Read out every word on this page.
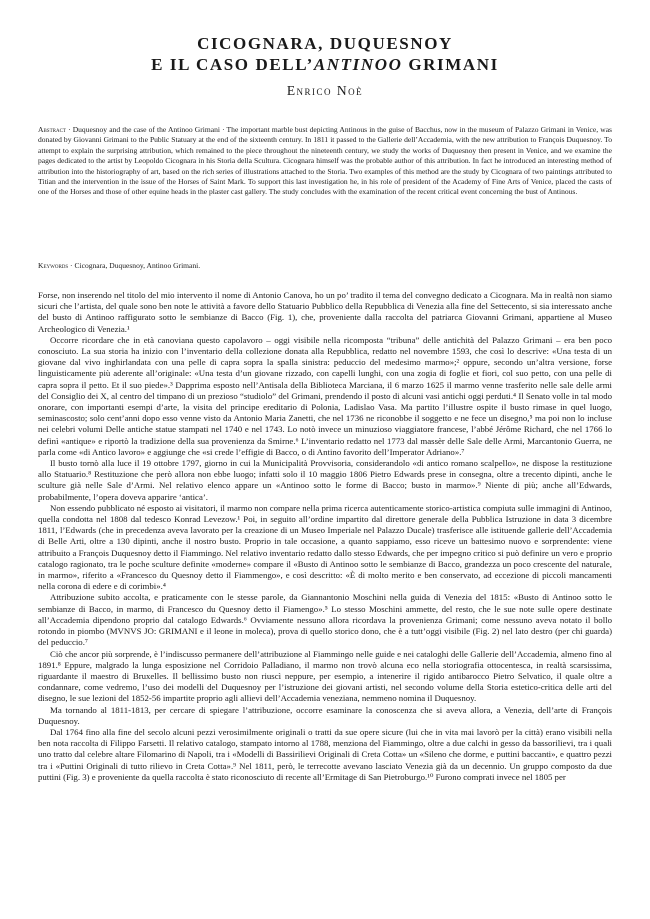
CICOGNARA, DUQUESNOY
E IL CASO DELL’ANTINOO GRIMANI
Enrico Noè

Abstract · Duquesnoy and the case of the Antinoo Grimani · The important marble bust depicting Antinous in the guise of Bacchus, now in the museum of Palazzo Grimani in Venice, was donated by Giovanni Grimani to the Public Statuary at the end of the sixteenth century. In 1811 it passed to the Gallerie dell’Accademia, with the new attribution to François Duquesnoy. To attempt to explain the surprising attribution, which remained to the piece throughout the nineteenth century, we study the works of Duquesnoy then present in Venice, and we examine the pages dedicated to the artist by Leopoldo Cicognara in his Storia della Scultura. Cicognara himself was the probable author of this attribution. In fact he introduced an interesting method of attribution into the historiography of art, based on the rich series of illustrations attached to the Storia. Two examples of this method are the study by Cicognara of two paintings attributed to Titian and the intervention in the issue of the Horses of Saint Mark. To support this last investigation he, in his role of president of the Academy of Fine Arts of Venice, placed the casts of one of the Horses and those of other equine heads in the plaster cast gallery. The study concludes with the examination of the recent critical event concerning the bust of Antinous.

Keywords · Cicognara, Duquesnoy, Antinoo Grimani.

Forse, non inserendo nel titolo del mio intervento il nome di Antonio Canova, ho un po’ tradito il tema del convegno dedicato a Cicognara. Ma in realtà non siamo sicuri che l’artista, del quale sono ben note le attività a favore dello Statuario Pubblico della Repubblica di Venezia alla fine del Settecento, si sia interessato anche del busto di Antinoo raffigurato sotto le sembianze di Bacco (Fig. 1), che, proveniente dalla raccolta del patriarca Giovanni Grimani, appartiene al Museo Archeologico di Venezia.¹

Occorre ricordare che in età canoviana questo capolavoro – oggi visibile nella ricomposta “tribuna” delle antichità del Palazzo Grimani – era ben poco conosciuto. La sua storia ha inizio con l’inventario della collezione donata alla Repubblica, redatto nel novembre 1593, che così lo descrive: «Una testa di un giovane dal vivo inghirlandata con una pelle di capra sopra la spalla sinistra: peduccio del medesimo marmo»;² oppure, secondo un’altra versione, forse linguisticamente più aderente all’originale: «Una testa d’un giovane rizzado, con capelli lunghi, con una zogia di foglie et fiori, col suo petto, con una pelle di capra sopra il petto. Et il suo piede».³ Dapprima esposto nell’Antisala della Biblioteca Marciana, il 6 marzo 1625 il marmo venne trasferito nelle sale delle armi del Consiglio dei X, al centro del timpano di un prezioso “studiolo” del Grimani, prendendo il posto di alcuni vasi antichi oggi perduti.⁴ Il Senato volle in tal modo onorare, con importanti esempi d’arte, la visita del principe ereditario di Polonia, Ladislao Vasa. Ma partito l’illustre ospite il busto rimase in quel luogo, seminascosto; solo cent’anni dopo esso venne visto da Antonio Maria Zanetti, che nel 1736 ne riconobbe il soggetto e ne fece un disegno,⁵ ma poi non lo incluse nei celebri volumi Delle antiche statue stampati nel 1740 e nel 1743. Lo notò invece un minuzioso viaggiatore francese, l’abbé Jérôme Richard, che nel 1766 lo definì «antique» e riportò la tradizione della sua provenienza da Smirne.⁶ L’inventario redatto nel 1773 dal massèr delle Sale delle Armi, Marcantonio Guerra, ne parla come «di Antico lavoro» e aggiunge che «si crede l’effigie di Bacco, o di Antino favorito dell’Imperator Adriano».⁷

Il busto tornò alla luce il 19 ottobre 1797, giorno in cui la Municipalità Provvisoria, considerandolo «di antico romano scalpello», ne dispose la restituzione allo Statuario.⁸ Restituzione che però allora non ebbe luogo; infatti solo il 10 maggio 1806 Pietro Edwards prese in consegna, oltre a trecento dipinti, anche le sculture già nelle Sale d’Armi. Nel relativo elenco appare un «Antinoo sotto le forme di Bacco; busto in marmo».⁹ Niente di più; anche all’Edwards, probabilmente, l’opera doveva apparire ‘antica’.

Non essendo pubblicato né esposto ai visitatori, il marmo non compare nella prima ricerca autenticamente storico-artistica compiuta sulle immagini di Antinoo, quella condotta nel 1808 dal tedesco Konrad Levezow.¹ Poi, in seguito all’ordine impartito dal direttore generale della Pubblica Istruzione in data 3 dicembre 1811, l’Edwards (che in precedenza aveva lavorato per la creazione di un Museo Imperiale nel Palazzo Ducale) trasferisce alle istituende gallerie dell’Accademia di Belle Arti, oltre a 130 dipinti, anche il nostro busto. Proprio in tale occasione, a quanto sappiamo, esso riceve un battesimo nuovo e sorprendente: viene attribuito a François Duquesnoy detto il Fiammingo. Nel relativo inventario redatto dallo stesso Edwards, che per impegno critico si può definire un vero e proprio catalogo ragionato, tra le poche sculture definite «moderne» compare il «Busto di Antinoo sotto le sembianze di Bacco, grandezza un poco crescente del naturale, in marmo», riferito a «Francesco du Quesnoy detto il Fiammengo», e così descritto: «È di molto merito e ben conservato, ad eccezione di piccoli mancamenti nella corona di edere e di corimbi».⁴

Attribuzione subito accolta, e praticamente con le stesse parole, da Giannantonio Moschini nella guida di Venezia del 1815: «Busto di Antinoo sotto le sembianze di Bacco, in marmo, di Francesco du Quesnoy detto il Fiamengo».⁵ Lo stesso Moschini ammette, del resto, che le sue note sulle opere destinate all’Accademia dipendono proprio dal catalogo Edwards.⁶ Ovviamente nessuno allora ricordava la provenienza Grimani; come nessuno aveva notato il bollo rotondo in piombo (MVNVS JO: GRIMANI e il leone in moleca), prova di quello storico dono, che è a tutt’oggi visibile (Fig. 2) nel lato destro (per chi guarda) del peduccio.⁷

Ciò che ancor più sorprende, è l’indiscusso permanere dell’attribuzione al Fiammingo nelle guide e nei cataloghi delle Gallerie dell’Accademia, almeno fino al 1891.⁸ Eppure, malgrado la lunga esposizione nel Corridoio Palladiano, il marmo non trovò alcuna eco nella storiografia ottocentesca, in realtà scarsissima, riguardante il maestro di Bruxelles. Il bellissimo busto non riuscì neppure, per esempio, a intenerire il rigido antibarocco Pietro Selvatico, il quale oltre a condannare, come vedremo, l’uso dei modelli del Duquesnoy per l’istruzione dei giovani artisti, nel secondo volume della Storia estetico-critica delle arti del disegno, le sue lezioni del 1852-56 impartite proprio agli allievi dell’Accademia veneziana, nemmeno nomina il Duquesnoy.

Ma tornando al 1811-1813, per cercare di spiegare l’attribuzione, occorre esaminare la conoscenza che si aveva allora, a Venezia, dell’arte di François Duquesnoy.

Dal 1764 fino alla fine del secolo alcuni pezzi verosimilmente originali o tratti da sue opere sicure (lui che in vita mai lavorò per la città) erano visibili nella ben nota raccolta di Filippo Farsetti. Il relativo catalogo, stampato intorno al 1788, menziona del Fiammingo, oltre a due calchi in gesso da bassorilievi, tra i quali uno tratto dal celebre altare Filomarino di Napoli, tra i «Modelli di Bassirilievi Originali di Creta Cotta» un «Sileno che dorme, e puttini baccanti», e quattro pezzi tra i «Puttini Originali di tutto rilievo in Creta Cotta».⁹ Nel 1811, però, le terrecotte avevano lasciato Venezia già da un decennio. Un gruppo composto da due puttini (Fig. 3) e proveniente da quella raccolta è stato riconosciuto di recente all’Ermitage di San Pietroburgo.¹⁰ Furono comprati invece nel 1805 per
